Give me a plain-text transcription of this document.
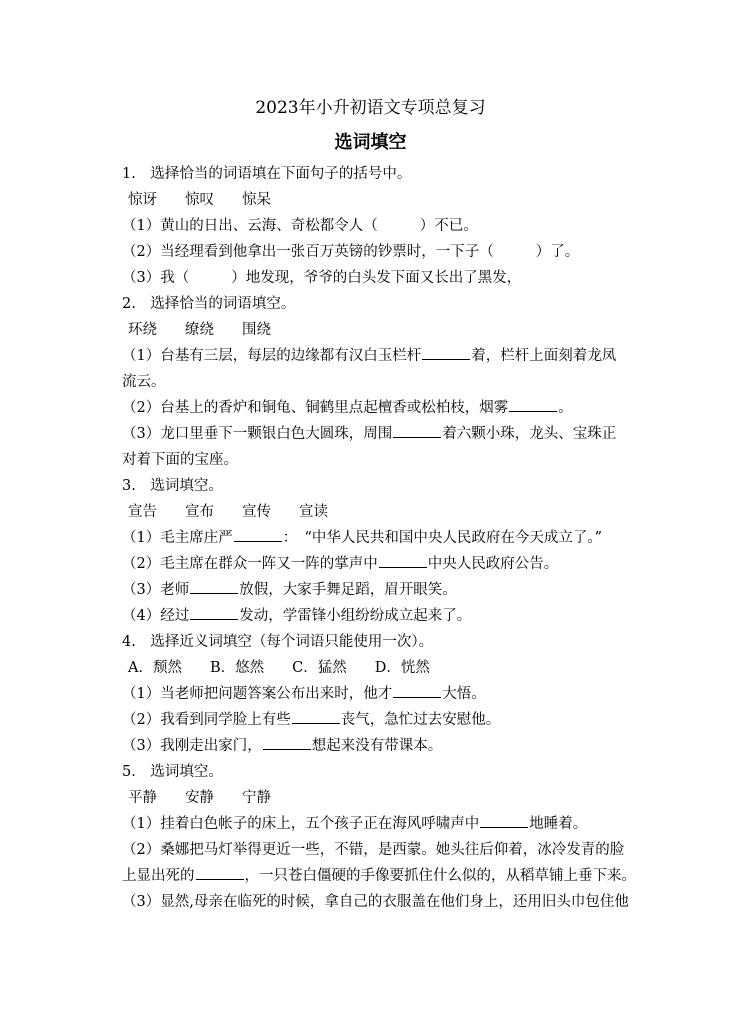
2023年小升初语文专项总复习
选词填空
1.　选择恰当的词语填在下面句子的括号中。
惊讶 惊叹 惊呆
（1）黄山的日出、云海、奇松都令人（	）不已。
（2）当经理看到他拿出一张百万英镑的钞票时，一下子（	）了。
（3）我（	）地发现，爷爷的白头发下面又长出了黑发，
2.　选择恰当的词语填空。
环绕 缭绕 围绕
（1）台基有三层，每层的边缘都有汉白玉栏杆	着，栏杆上面刻着龙凤
流云。
（2）台基上的香炉和铜龟、铜鹤里点起檀香或松柏枝，烟雾	。
（3）龙口里垂下一颗银白色大圆珠，周围	着六颗小珠，龙头、宝珠正
对着下面的宝座。
3.　选词填空。
宣告 宣布 宣传 宣读
（1）毛主席庄严	：　“中华人民共和国中央人民政府在今天成立了。”
（2）毛主席在群众一阵又一阵的掌声中	中央人民政府公告。
（3）老师	放假，大家手舞足蹈，眉开眼笑。
（4）经过	发动，学雷锋小组纷纷成立起来了。
4.　选择近义词填空（每个词语只能使用一次）。
A．颓然 B．悠然 C．猛然 D．恍然
（1）当老师把问题答案公布出来时，他才	大悟。
（2）我看到同学脸上有些	丧气，急忙过去安慰他。
（3）我刚走出家门，	想起来没有带课本。
5.　选词填空。
平静 安静 宁静
（1）挂着白色帐子的床上，五个孩子正在海风呼啸声中	地睡着。
（2）桑娜把马灯举得更近一些，不错，是西蒙。她头往后仰着，冰冷发青的脸
上显出死的	，一只苍白僵硬的手像要抓住什么似的，从稻草铺上垂下来。
（3）显然,母亲在临死的时候，拿自己的衣服盖在他们身上，还用旧头巾包住他
